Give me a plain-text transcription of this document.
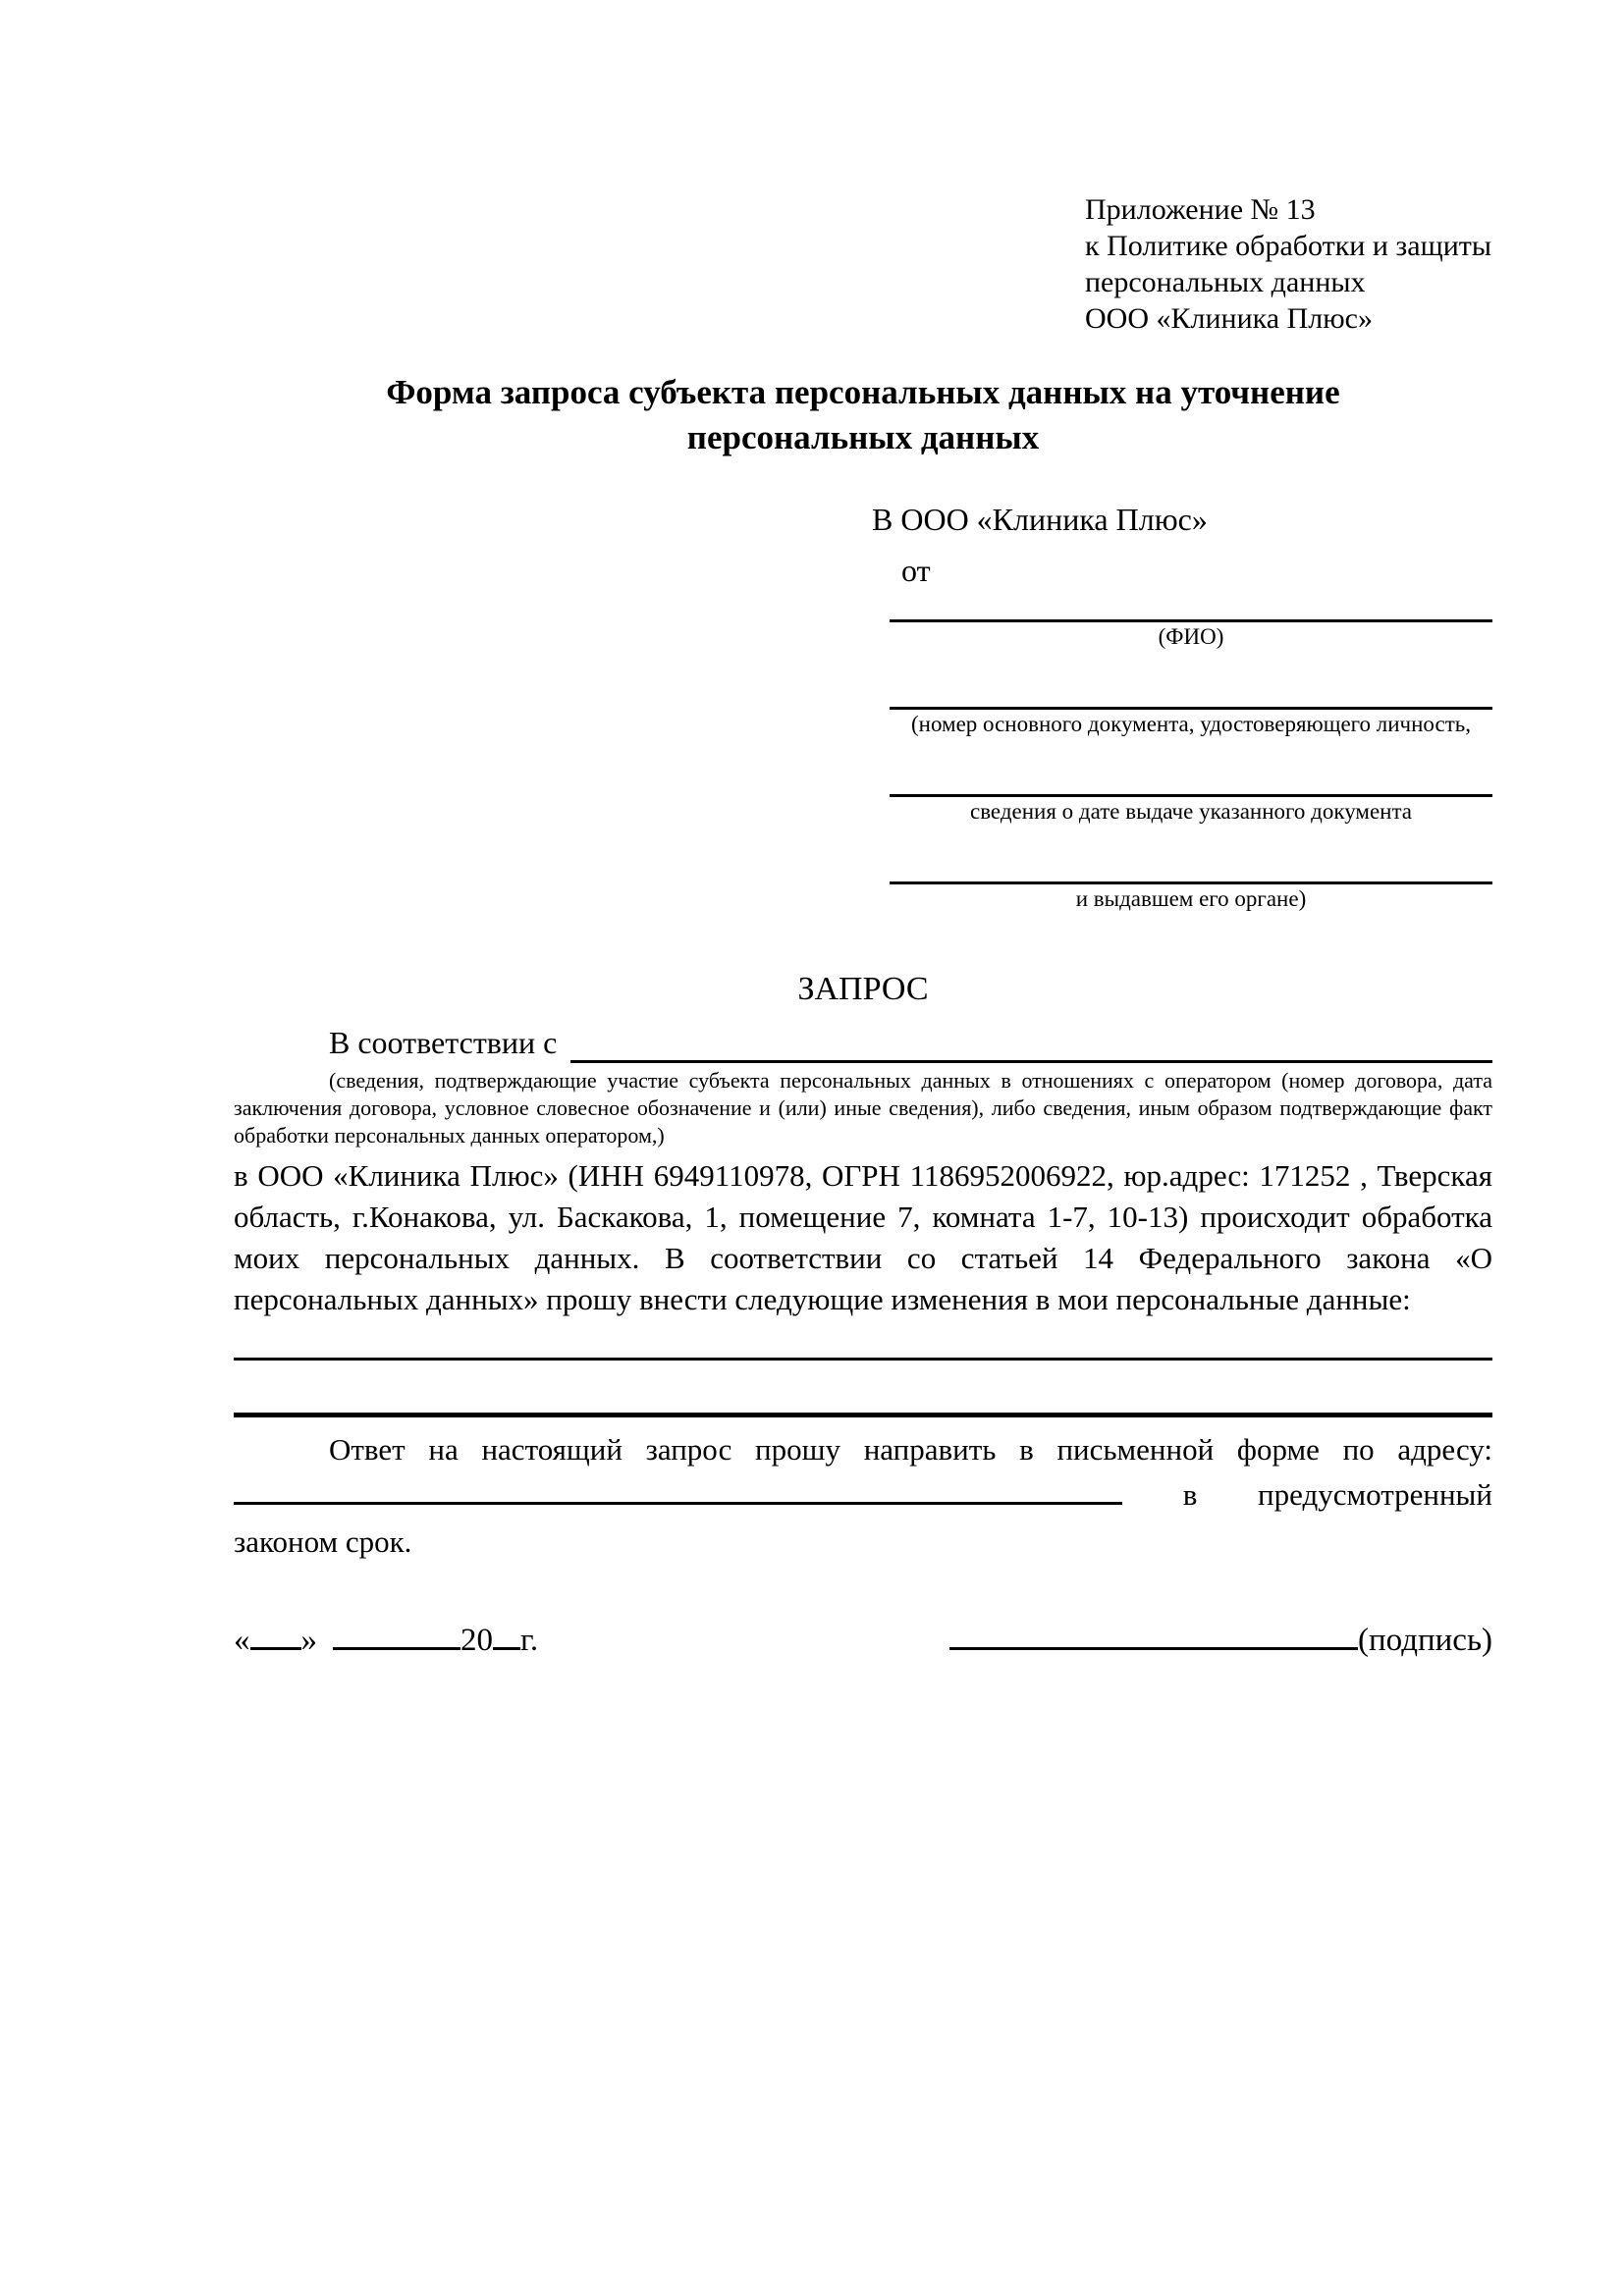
Приложение № 13
к Политике обработки и защиты
персональных данных
ООО «Клиника Плюс»
Форма запроса субъекта персональных данных на уточнение
персональных данных
В ООО «Клиника Плюс»
от
(ФИО)
(номер основного документа, удостоверяющего личность,
сведения о дате выдаче указанного документа
и выдавшем его органе)
ЗАПРОС
В соответствии с
(сведения, подтверждающие участие субъекта персональных данных в отношениях с оператором (номер договора, дата заключения договора, условное словесное обозначение и (или) иные сведения), либо сведения, иным образом подтверждающие факт обработки персональных данных оператором,)
в ООО «Клиника Плюс» (ИНН 6949110978, ОГРН 1186952006922, юр.адрес: 171252 , Тверская область, г.Конакова, ул. Баскакова, 1, помещение 7, комната 1-7, 10-13) происходит обработка моих персональных данных. В соответствии со статьей 14 Федерального закона «О персональных данных» прошу внести следующие изменения в мои персональные данные:
Ответ на настоящий запрос прошу направить в письменной форме по адресу:
в предусмотренный
законом срок.
« »	20 г.	(подпись)
